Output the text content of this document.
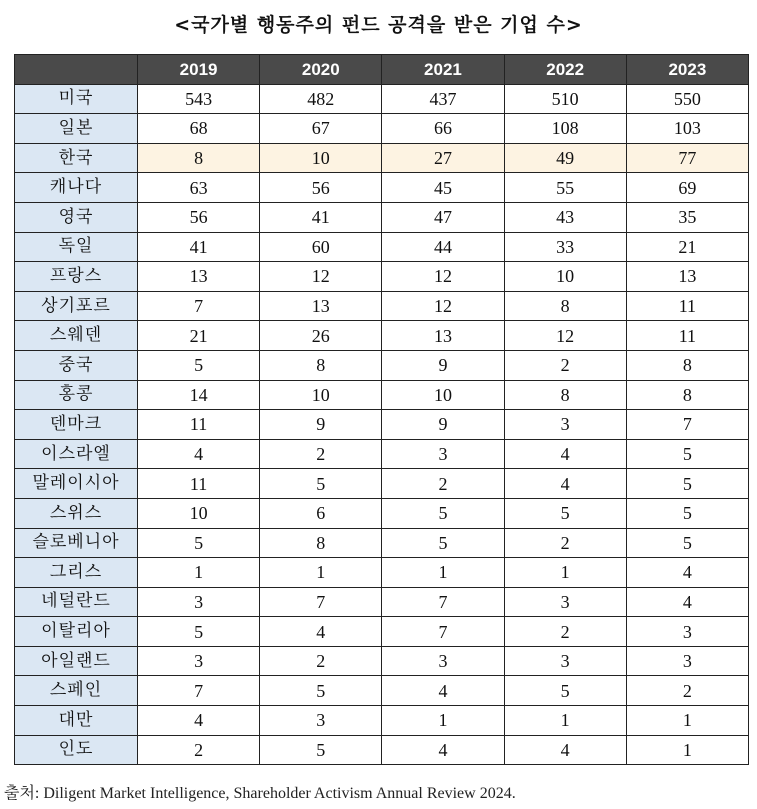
<국가별 행동주의 펀드 공격을 받은 기업 수>
	2019	2020	2021	2022	2023
미국	543	482	437	510	550
일본	68	67	66	108	103
한국	8	10	27	49	77
캐나다	63	56	45	55	69
영국	56	41	47	43	35
독일	41	60	44	33	21
프랑스	13	12	12	10	13
상기포르	7	13	12	8	11
스웨덴	21	26	13	12	11
중국	5	8	9	2	8
홍콩	14	10	10	8	8
덴마크	11	9	9	3	7
이스라엘	4	2	3	4	5
말레이시아	11	5	2	4	5
스위스	10	6	5	5	5
슬로베니아	5	8	5	2	5
그리스	1	1	1	1	4
네덜란드	3	7	7	3	4
이탈리아	5	4	7	2	3
아일랜드	3	2	3	3	3
스페인	7	5	4	5	2
대만	4	3	1	1	1
인도	2	5	4	4	1
출처: Diligent Market Intelligence, Shareholder Activism Annual Review 2024.
